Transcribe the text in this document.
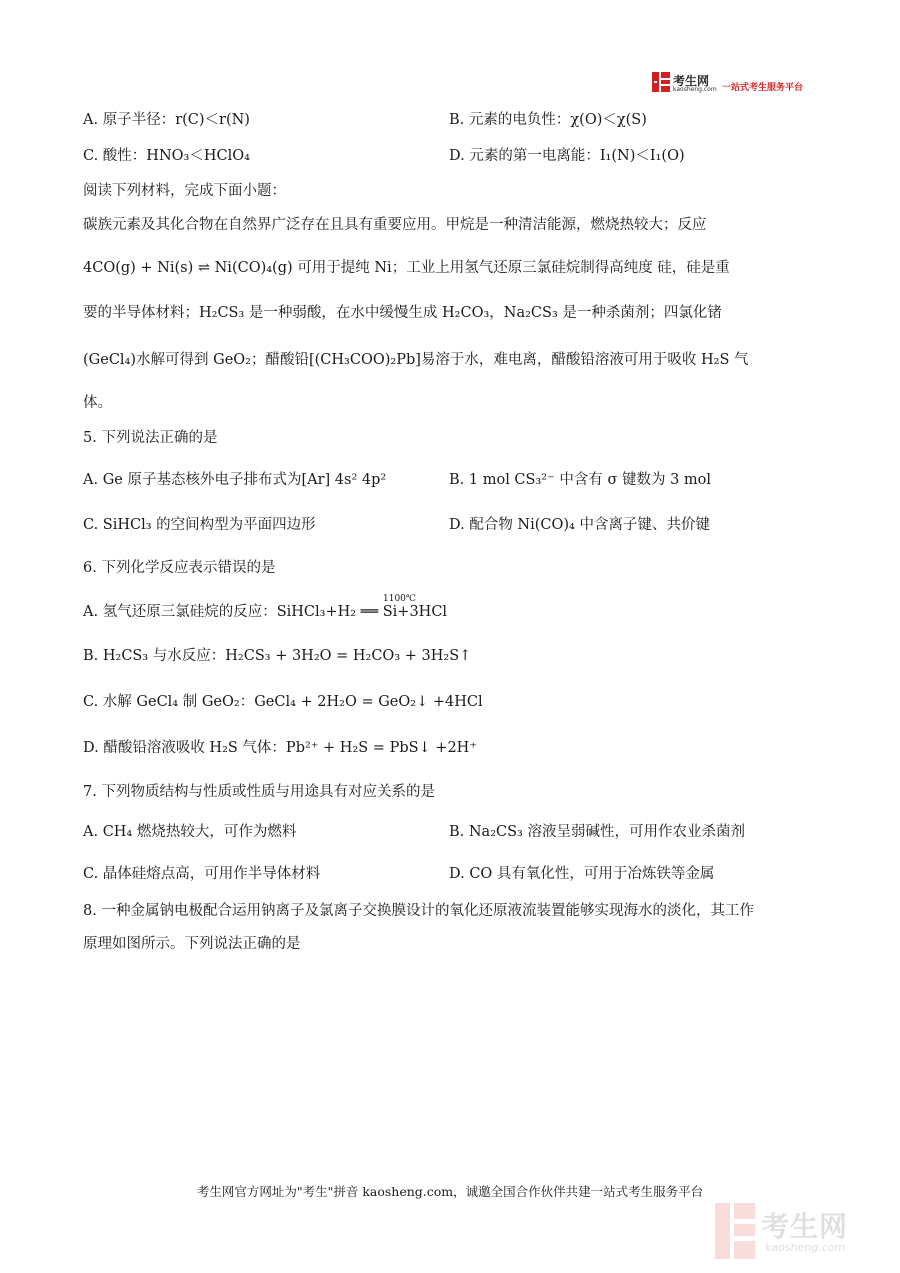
考生网
kaosheng.com 一站式考生服务平台
A. 原子半径：r(C)＜r(N)	B. 元素的电负性：χ(O)＜χ(S)
C. 酸性：HNO₃＜HClO₄	D. 元素的第一电离能：I₁(N)＜I₁(O)
阅读下列材料，完成下面小题：
碳族元素及其化合物在自然界广泛存在且具有重要应用。甲烷是一种清洁能源，燃烧热较大；反应
4CO(g) + Ni(s) ⇌ Ni(CO)₄(g) 可用于提纯 Ni；工业上用氢气还原三氯硅烷制得高纯度 硅，硅是重
要的半导体材料；H₂CS₃ 是一种弱酸，在水中缓慢生成 H₂CO₃，Na₂CS₃ 是一种杀菌剂；四氯化锗
(GeCl₄)水解可得到 GeO₂；醋酸铅[(CH₃COO)₂Pb]易溶于水，难电离，醋酸铅溶液可用于吸收 H₂S 气
体。
5. 下列说法正确的是
A. Ge 原子基态核外电子排布式为[Ar] 4s² 4p²	B. 1 mol CS₃²⁻ 中含有 σ 键数为 3 mol
C. SiHCl₃ 的空间构型为平面四边形	D. 配合物 Ni(CO)₄ 中含离子键、共价键
6. 下列化学反应表示错误的是
1100℃
A. 氢气还原三氯硅烷的反应：SiHCl₃+H₂ ══ Si+3HCl
B. H₂CS₃ 与水反应：H₂CS₃ + 3H₂O = H₂CO₃ + 3H₂S↑
C. 水解 GeCl₄ 制 GeO₂：GeCl₄ + 2H₂O = GeO₂↓ +4HCl
D. 醋酸铅溶液吸收 H₂S 气体：Pb²⁺ + H₂S = PbS↓ +2H⁺
7. 下列物质结构与性质或性质与用途具有对应关系的是
A. CH₄ 燃烧热较大，可作为燃料	B. Na₂CS₃ 溶液呈弱碱性，可用作农业杀菌剂
C. 晶体硅熔点高，可用作半导体材料	D. CO 具有氧化性，可用于冶炼铁等金属
8. 一种金属钠电极配合运用钠离子及氯离子交换膜设计的氧化还原液流装置能够实现海水的淡化，其工作
原理如图所示。下列说法正确的是
考生网官方网址为"考生"拼音 kaosheng.com，诚邀全国合作伙伴共建一站式考生服务平台
考生网
kaosheng.com
